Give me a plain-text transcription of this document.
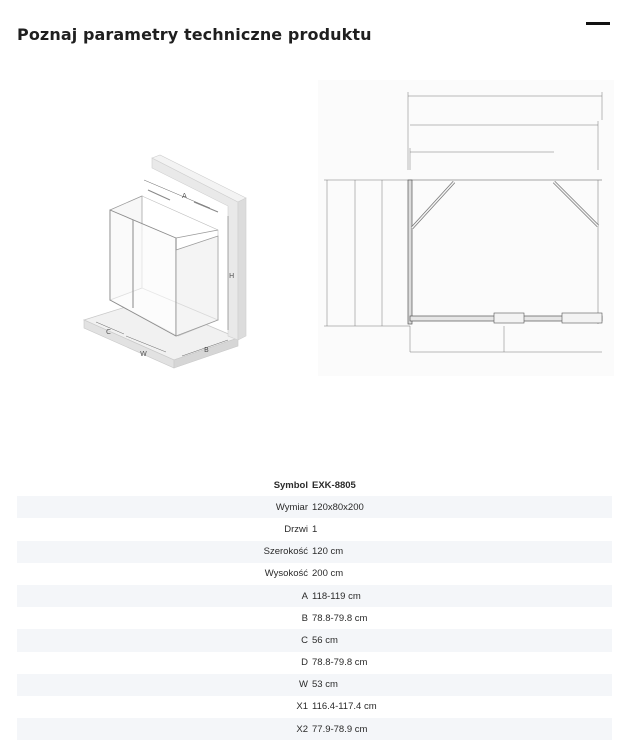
Poznaj parametry techniczne produktu
A
H
C
W	B
Symbol EXK-8805
Wymiar 120x80x200
Drzwi 1
Szerokość 120 cm
Wysokość 200 cm
A 118-119 cm
B 78.8-79.8 cm
C 56 cm
D 78.8-79.8 cm
W 53 cm
X1 116.4-117.4 cm
X2 77.9-78.9 cm
